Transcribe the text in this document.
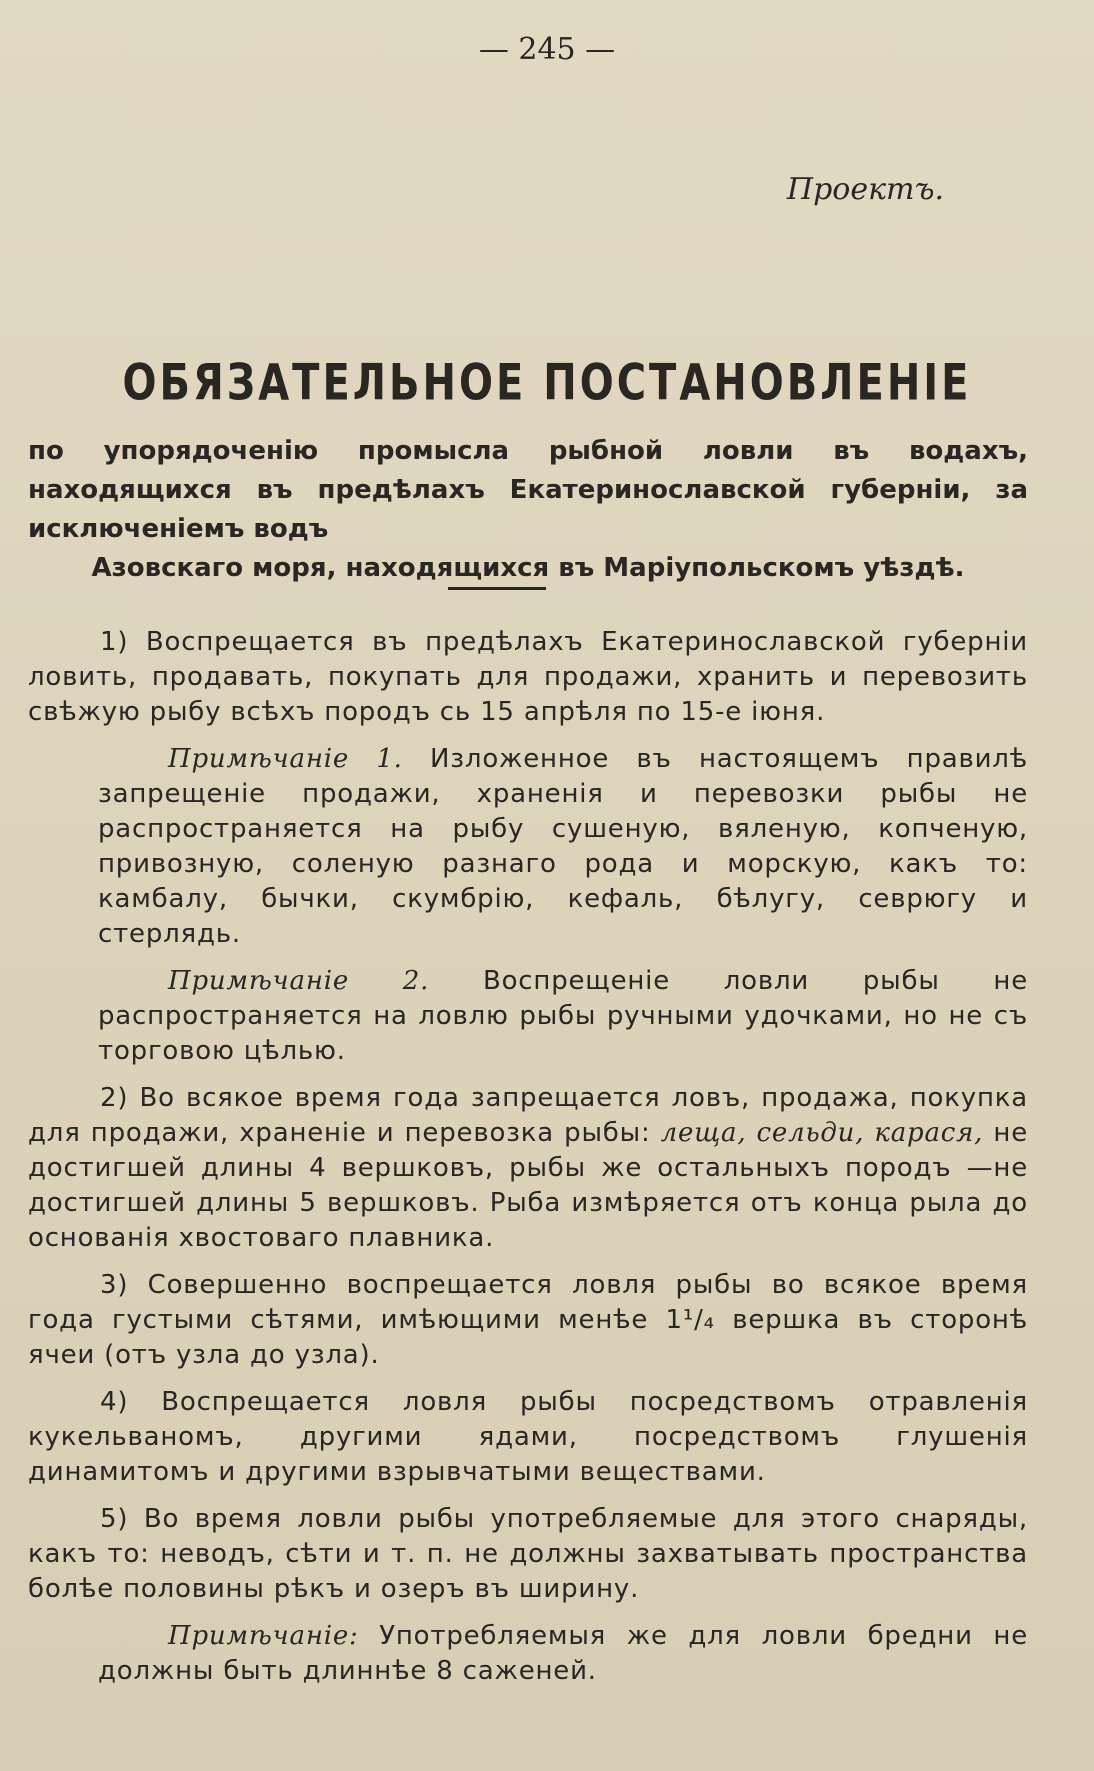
— 245 —
Проектъ.
ОБЯЗАТЕЛЬНОЕ ПОСТАНОВЛЕНІЕ
по упорядоченію промысла рыбной ловли въ водахъ, находящихся въ предѣлахъ Екатеринославской губерніи, за исключеніемъ водъ
Азовскаго моря, находящихся въ Маріупольскомъ уѣздѣ.

1) Воспрещается въ предѣлахъ Екатеринославской губерніи ловить, продавать, покупать для продажи, хранить и перевозить свѣжую рыбу всѣхъ породъ сь 15 апрѣля по 15-е іюня.

Примѣчаніе 1. Изложенное въ настоящемъ правилѣ запрещеніе продажи, храненія и перевозки рыбы не распространяется на рыбу сушеную, вяленую, копченую, привозную, соленую разнаго рода и морскую, какъ то: камбалу, бычки, скумбрію, кефаль, бѣлугу, севрюгу и стерлядь.

Примѣчаніе 2. Воспрещеніе ловли рыбы не распространяется на ловлю рыбы ручными удочками, но не съ торговою цѣлью.

2) Во всякое время года запрещается ловъ, продажа, покупка для продажи, храненіе и перевозка рыбы: леща, сельди, карася, не достигшей длины 4 вершковъ, рыбы же остальныхъ породъ —не достигшей длины 5 вершковъ. Рыба измѣряется отъ конца рыла до основанія хвостоваго плавника.

3) Совершенно воспрещается ловля рыбы во всякое время года густыми сѣтями, имѣющими менѣе 1¹/₄ вершка въ сторонѣ ячеи (отъ узла до узла).

4) Воспрещается ловля рыбы посредствомъ отравленія кукельваномъ, другими ядами, посредствомъ глушенія динамитомъ и другими взрывчатыми веществами.

5) Во время ловли рыбы употребляемые для этого снаряды, какъ то: неводъ, сѣти и т. п. не должны захватывать пространства болѣе половины рѣкъ и озеръ въ ширину.

Примѣчаніе: Употребляемыя же для ловли бредни не должны быть длиннѣе 8 саженей.
